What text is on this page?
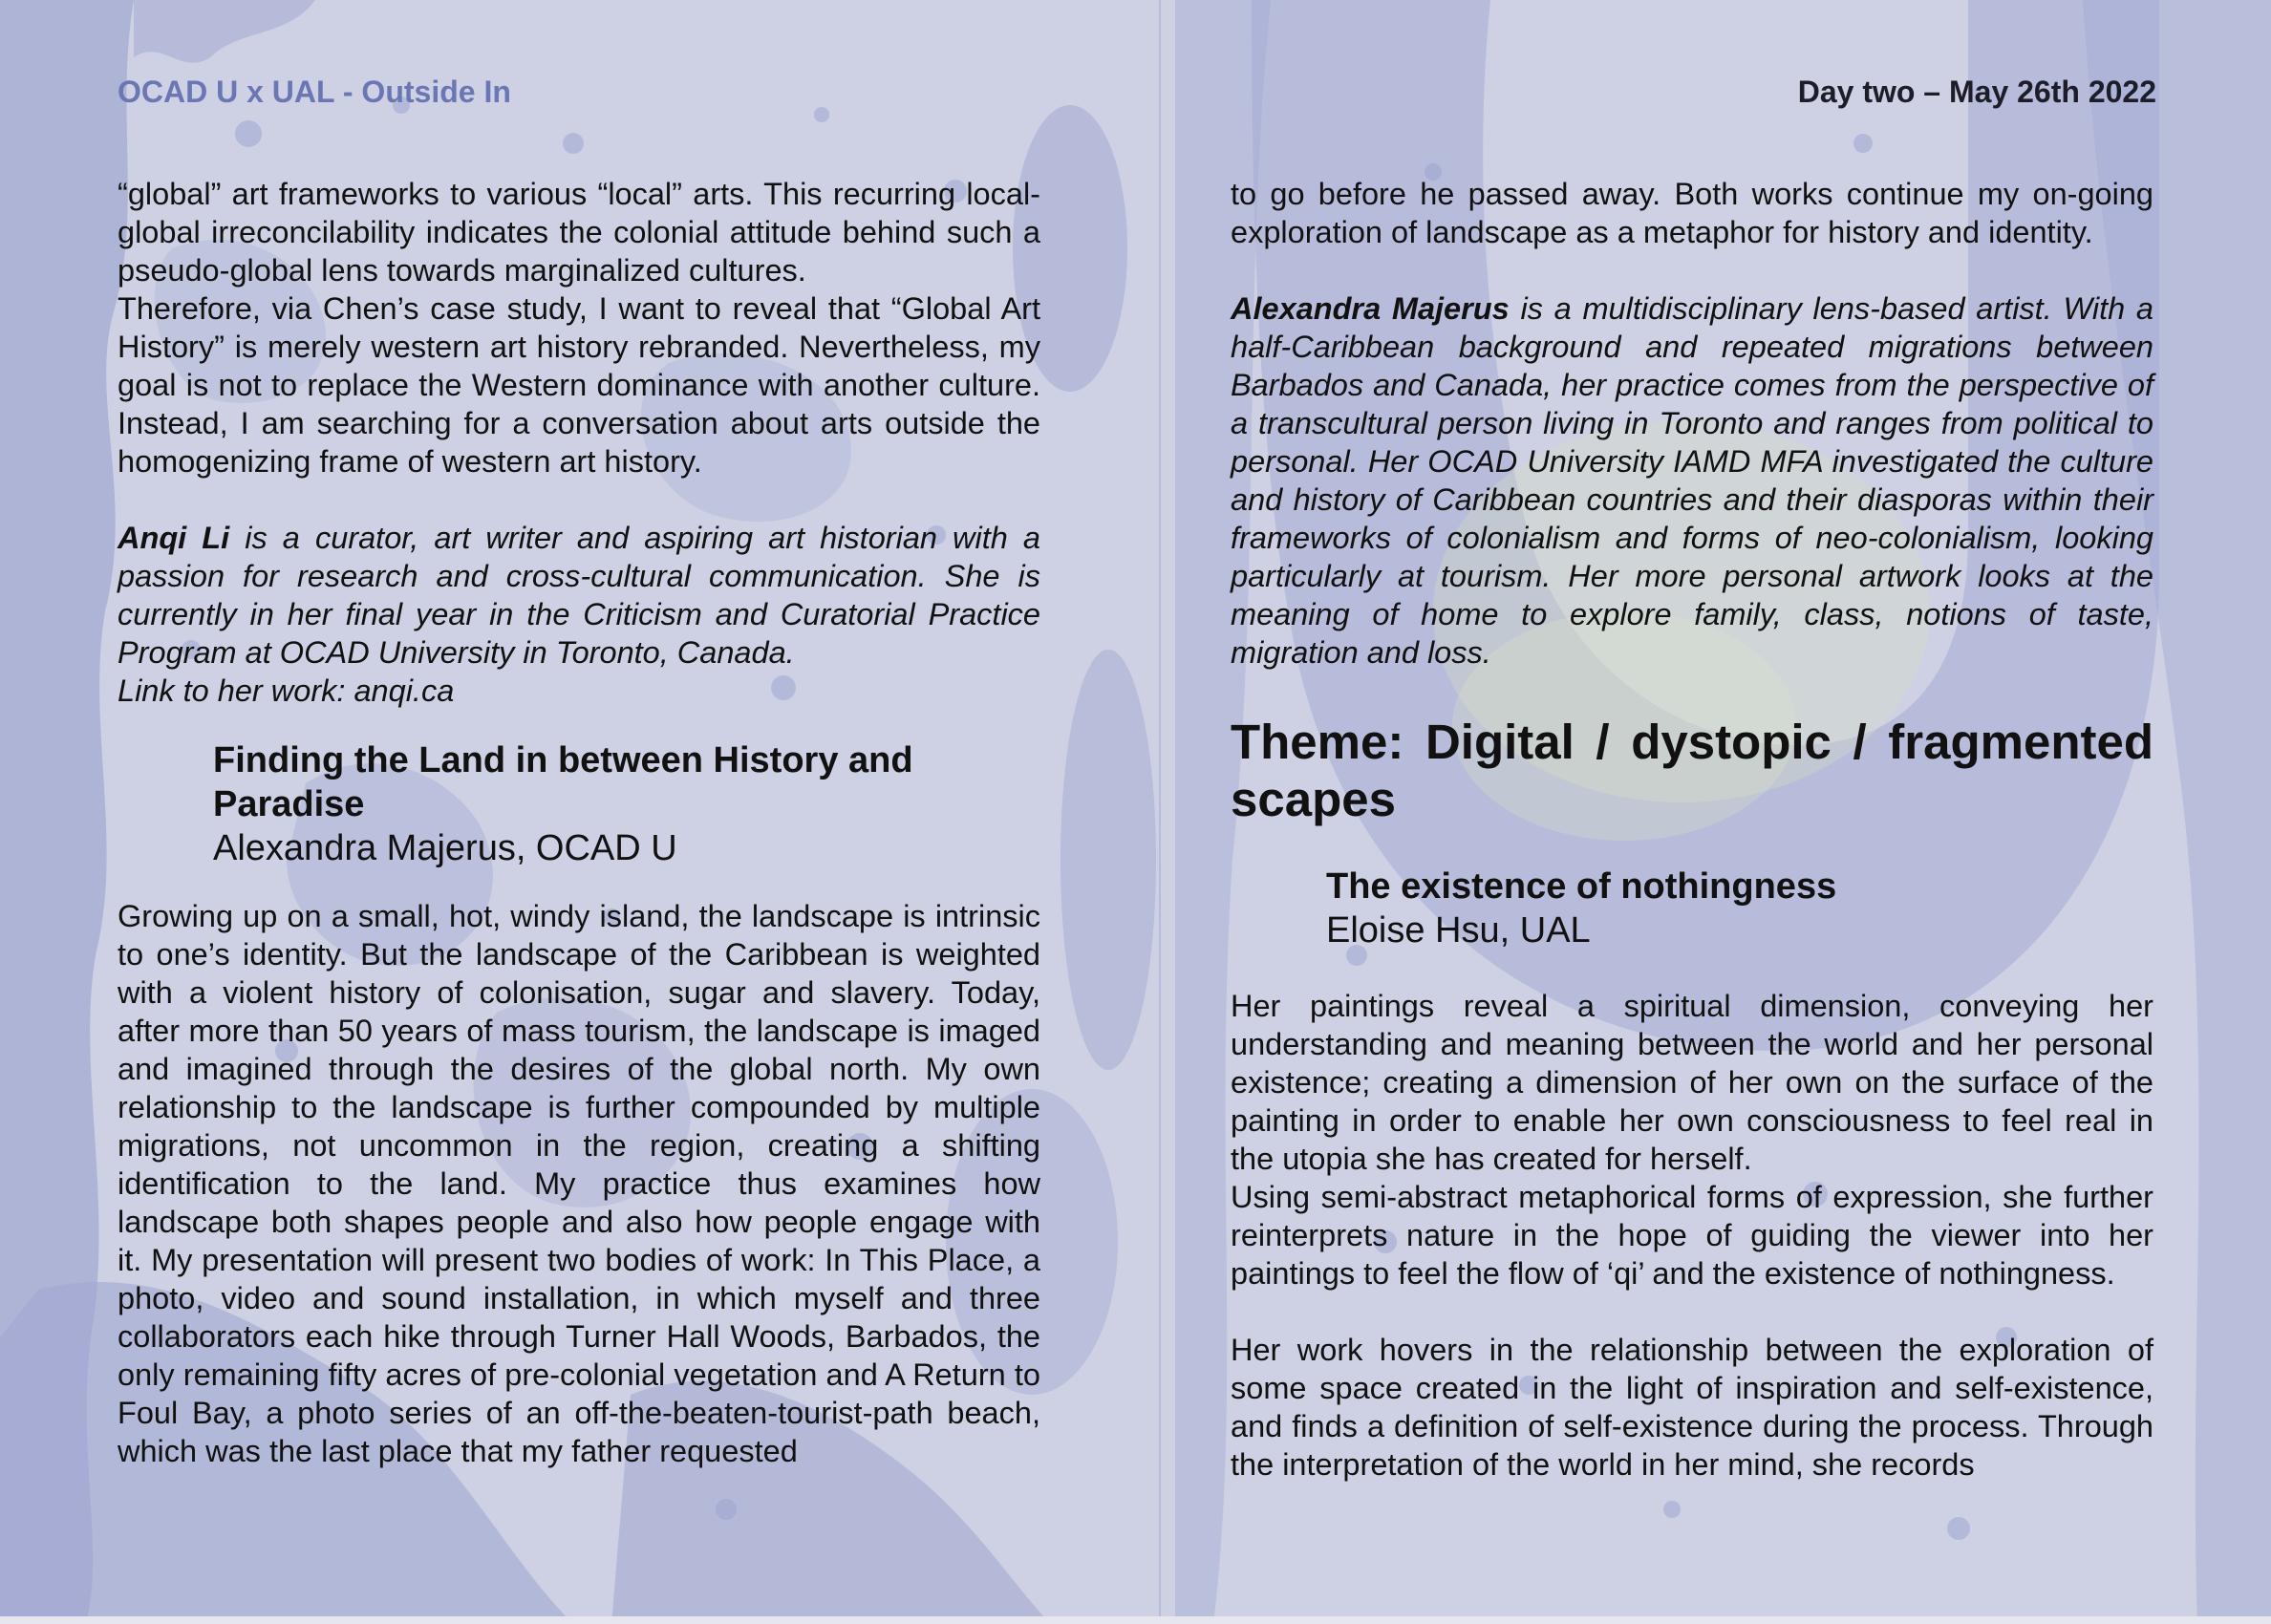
OCAD U x UAL - Outside In

“global” art frameworks to various “local” arts. This recurring local-global irreconcilability indicates the colonial attitude behind such a pseudo-global lens towards marginalized cultures.

Therefore, via Chen’s case study, I want to reveal that “Global Art History” is merely western art history rebranded. Nevertheless, my goal is not to replace the Western dominance with another culture. Instead, I am searching for a conversation about arts outside the homogenizing frame of western art history.

Anqi Li is a curator, art writer and aspiring art historian with a passion for research and cross-cultural communication. She is currently in her final year in the Criticism and Curatorial Practice Program at OCAD University in Toronto, Canada.

Link to her work: anqi.ca

Finding the Land in between History and Paradise
Alexandra Majerus, OCAD U

Growing up on a small, hot, windy island, the landscape is intrinsic to one’s identity. But the landscape of the Caribbean is weighted with a violent history of colonisation, sugar and slavery. Today, after more than 50 years of mass tourism, the landscape is imaged and imagined through the desires of the global north. My own relationship to the landscape is further compounded by multiple migrations, not uncommon in the region, creating a shifting identification to the land. My practice thus examines how landscape both shapes people and also how people engage with it. My presentation will present two bodies of work: In This Place, a photo, video and sound installation, in which myself and three collaborators each hike through Turner Hall Woods, Barbados, the only remaining fifty acres of pre-colonial vegetation and A Return to Foul Bay, a photo series of an off-the-beaten-tourist-path beach, which was the last place that my father requested

Day two – May 26th 2022

to go before he passed away. Both works continue my on-going exploration of landscape as a metaphor for history and identity.

Alexandra Majerus is a multidisciplinary lens-based artist. With a half-Caribbean background and repeated migrations between Barbados and Canada, her practice comes from the perspective of a transcultural person living in Toronto and ranges from political to personal. Her OCAD University IAMD MFA investigated the culture and history of Caribbean countries and their diasporas within their frameworks of colonialism and forms of neo-colonialism, looking particularly at tourism. Her more personal artwork looks at the meaning of home to explore family, class, notions of taste, migration and loss.

Theme: Digital / dystopic / fragmented scapes
The existence of nothingness
Eloise Hsu, UAL

Her paintings reveal a spiritual dimension, conveying her understanding and meaning between the world and her personal existence; creating a dimension of her own on the surface of the painting in order to enable her own consciousness to feel real in the utopia she has created for herself.

Using semi-abstract metaphorical forms of expression, she further reinterprets nature in the hope of guiding the viewer into her paintings to feel the flow of ‘qi’ and the existence of nothingness.

Her work hovers in the relationship between the exploration of some space created in the light of inspiration and self-existence, and finds a definition of self-existence during the process. Through the interpretation of the world in her mind, she records
